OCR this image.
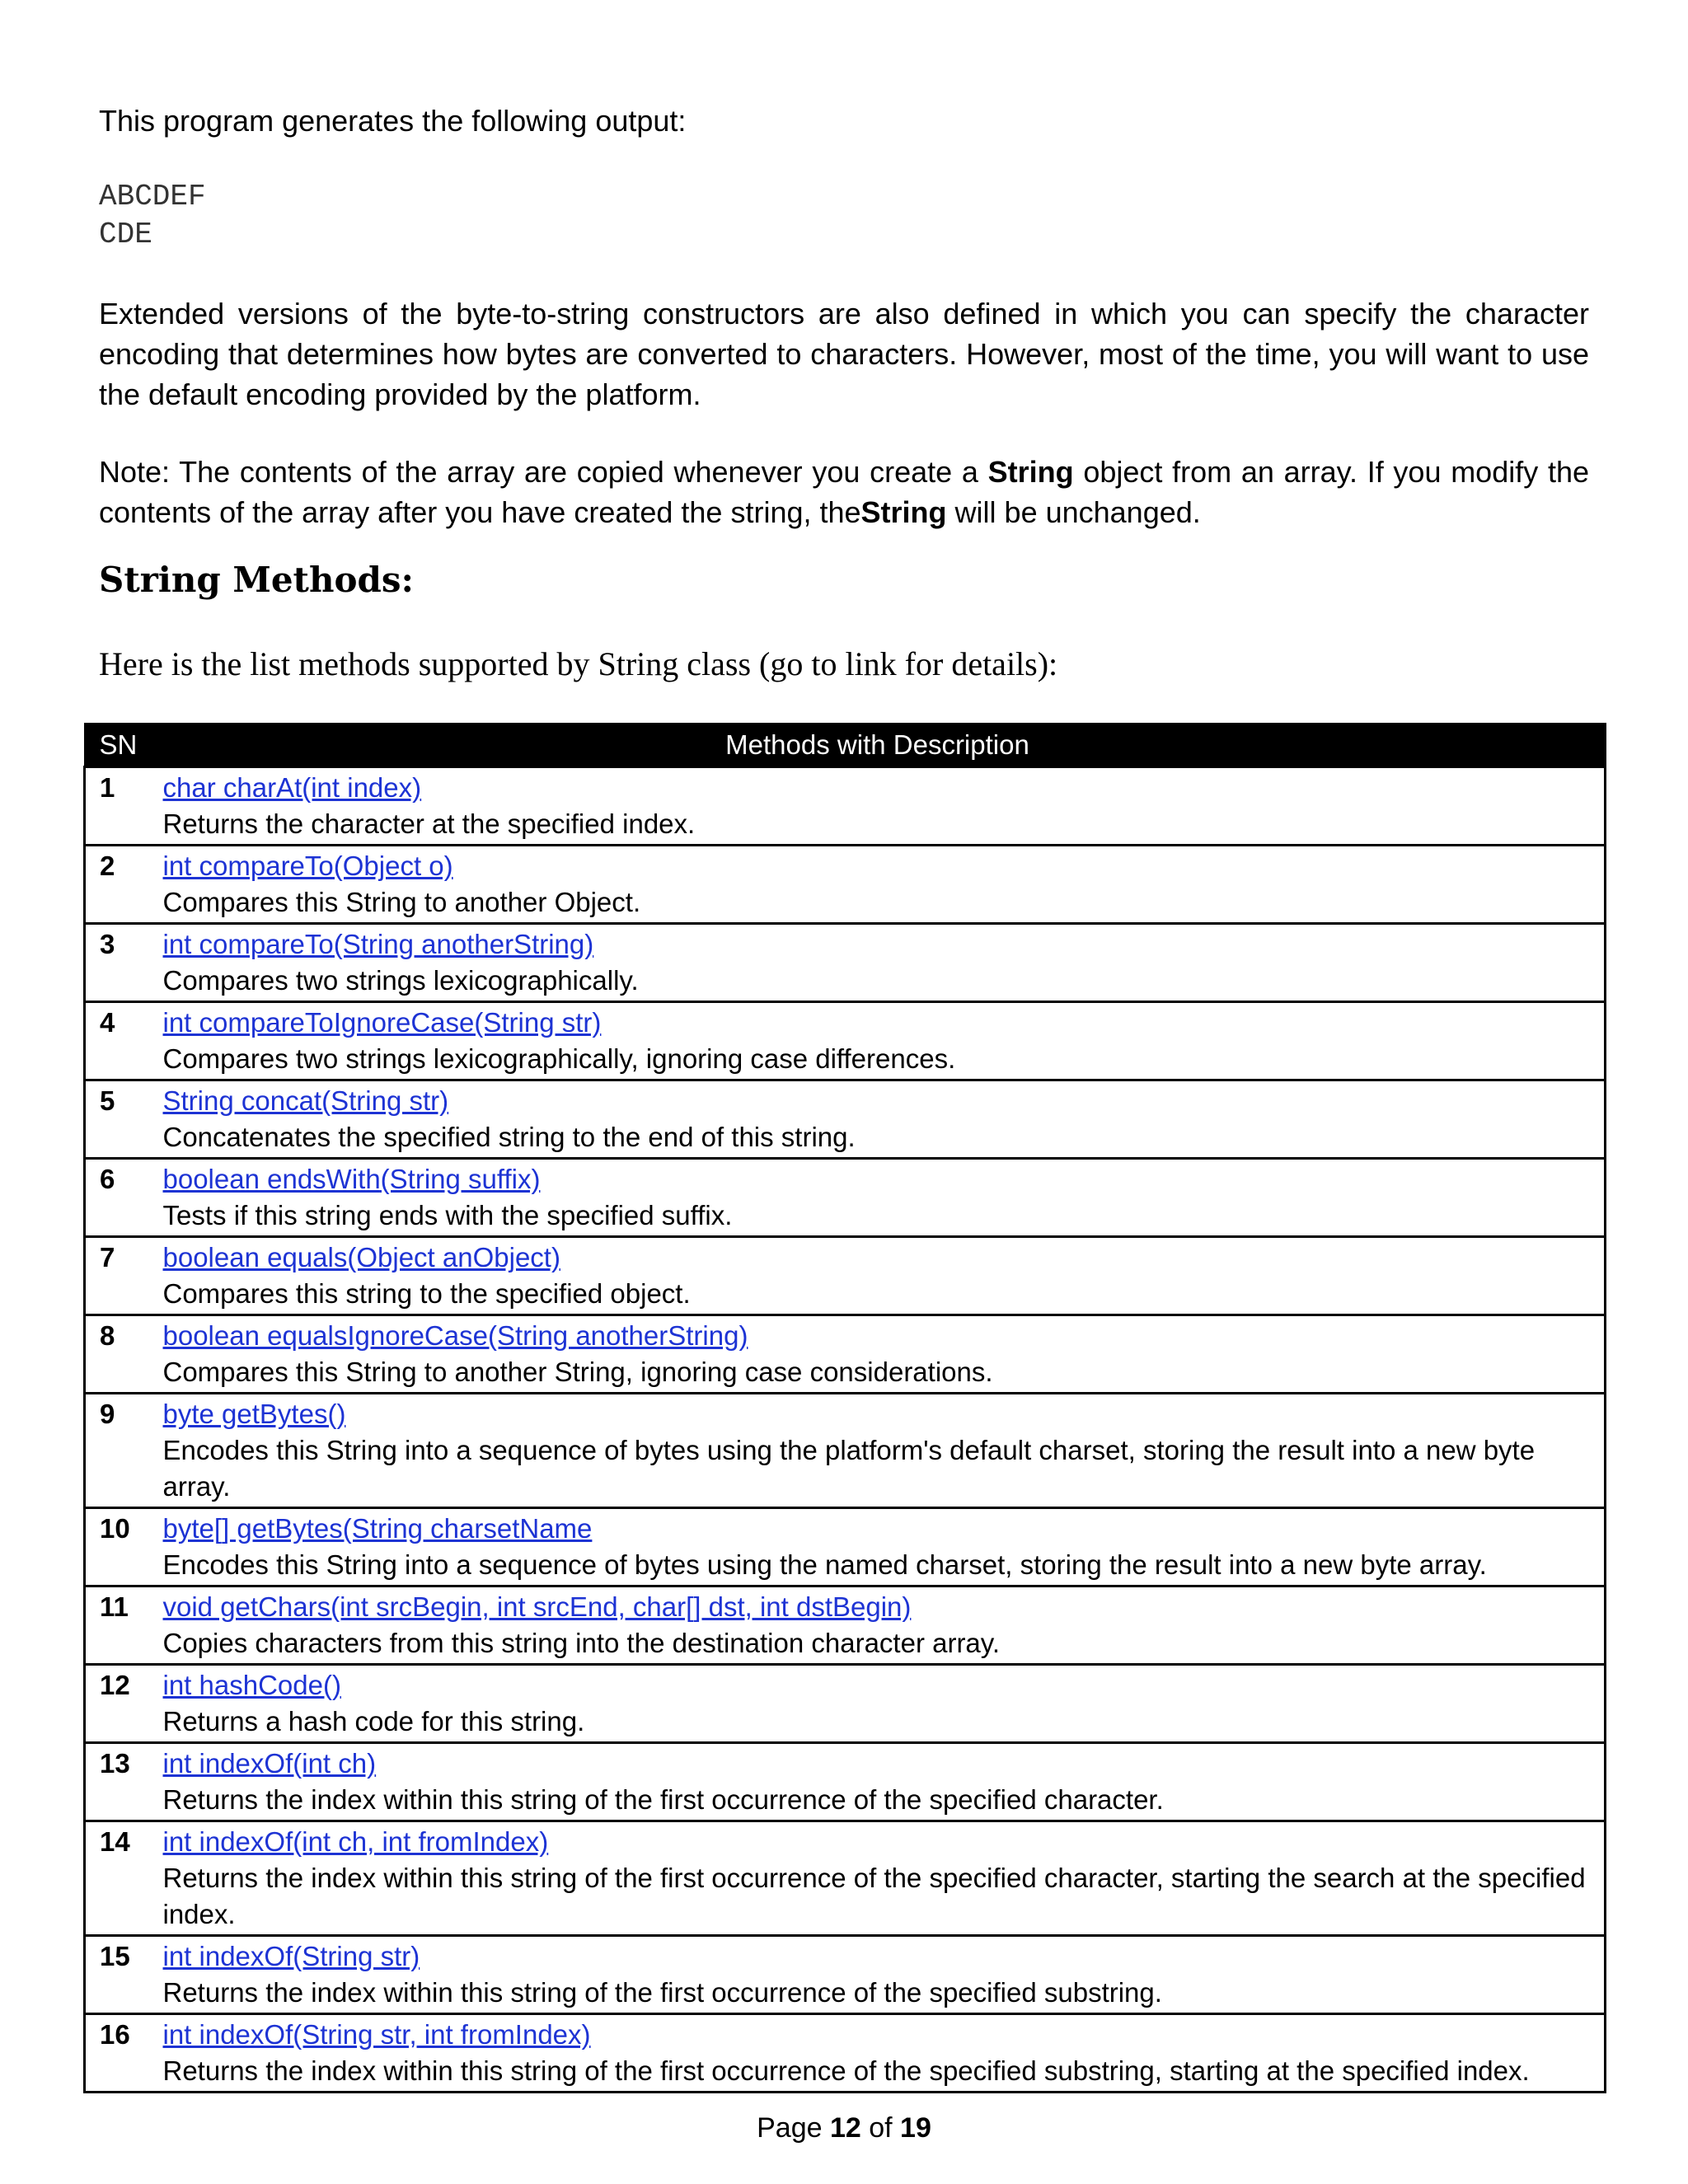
This program generates the following output:
ABCDEF
CDE
Extended versions of the byte-to-string constructors are also defined in which you can specify the character encoding that determines how bytes are converted to characters. However, most of the time, you will want to use the default encoding provided by the platform.
Note: The contents of the array are copied whenever you create a String object from an array. If you modify the contents of the array after you have created the string, theString will be unchanged.
String Methods:
Here is the list methods supported by String class (go to link for details):
SN	Methods with Description
1	char charAt(int index)
Returns the character at the specified index.

2	int compareTo(Object o)
Compares this String to another Object.

3	int compareTo(String anotherString)
Compares two strings lexicographically.

4	int compareToIgnoreCase(String str)
Compares two strings lexicographically, ignoring case differences.

5	String concat(String str)
Concatenates the specified string to the end of this string.

6	boolean endsWith(String suffix)
Tests if this string ends with the specified suffix.

7	boolean equals(Object anObject)
Compares this string to the specified object.

8	boolean equalsIgnoreCase(String anotherString)
Compares this String to another String, ignoring case considerations.

9	byte getBytes()
Encodes this String into a sequence of bytes using the platform's default charset, storing the result into a new byte array.

10	byte[] getBytes(String charsetName
Encodes this String into a sequence of bytes using the named charset, storing the result into a new byte array.

11	void getChars(int srcBegin, int srcEnd, char[] dst, int dstBegin)
Copies characters from this string into the destination character array.

12	int hashCode()
Returns a hash code for this string.

13	int indexOf(int ch)
Returns the index within this string of the first occurrence of the specified character.

14	int indexOf(int ch, int fromIndex)
Returns the index within this string of the first occurrence of the specified character, starting the search at the specified index.

15	int indexOf(String str)
Returns the index within this string of the first occurrence of the specified substring.

16	int indexOf(String str, int fromIndex)
Returns the index within this string of the first occurrence of the specified substring, starting at the specified index.
Page 12 of 19
